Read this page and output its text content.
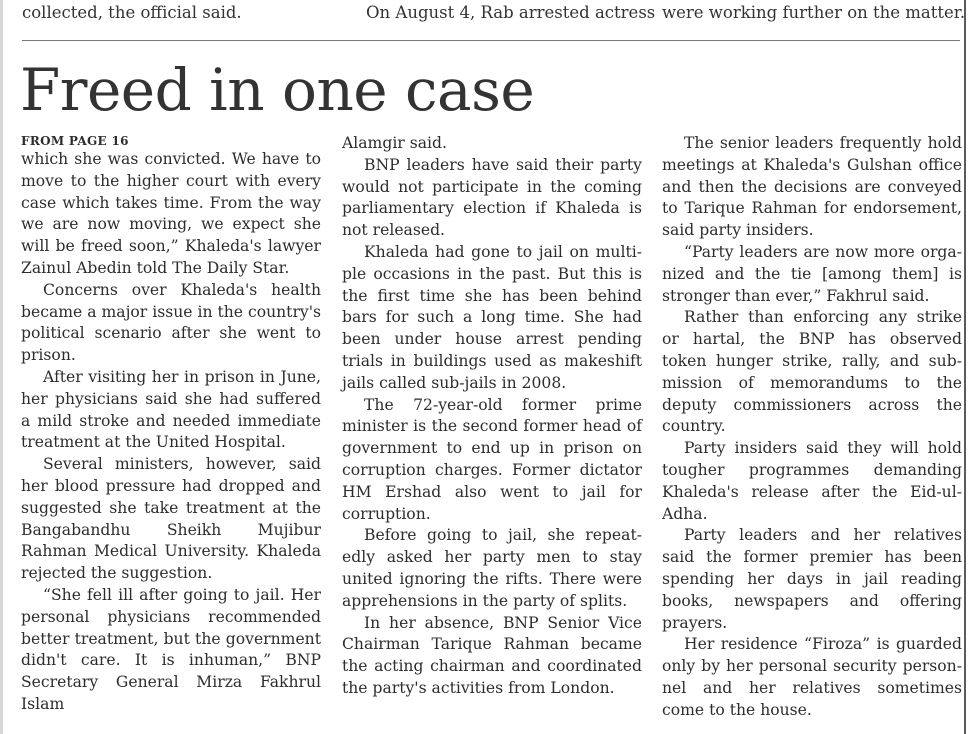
collected, the official said.	On August 4, Rab arrested actress were working further on the matter.
Freed in one case
FROM PAGE 16

which she was convicted. We have to move to the higher court with every case which takes time. From the way we are now moving, we expect she will be freed soon,” Khaleda's lawyer Zainul Abedin told The Daily Star.

Concerns over Khaleda's health became a major issue in the country's political scenario after she went to prison.

After visiting her in prison in June, her physicians said she had suffered a mild stroke and needed immediate treatment at the United Hospital.

Several ministers, however, said her blood pressure had dropped and suggested she take treatment at the Bangabandhu Sheikh Mujibur Rahman Medical University. Khaleda rejected the suggestion.

“She fell ill after going to jail. Her personal physicians recommended better treatment, but the government didn't care. It is inhuman,” BNP Secretary General Mirza Fakhrul Islam

Alamgir said.

BNP leaders have said their party would not participate in the coming parliamentary election if Khaleda is not released.

Khaleda had gone to jail on multiple occasions in the past. But this is the first time she has been behind bars for such a long time. She had been under house arrest pending trials in buildings used as makeshift jails called sub-jails in 2008.

The 72-year-old former prime minister is the second former head of government to end up in prison on corruption charges. Former dictator HM Ershad also went to jail for corruption.

Before going to jail, she repeatedly asked her party men to stay united ignoring the rifts. There were apprehensions in the party of splits.

In her absence, BNP Senior Vice Chairman Tarique Rahman became the acting chairman and coordinated the party's activities from London.

The senior leaders frequently hold meetings at Khaleda's Gulshan office and then the decisions are conveyed to Tarique Rahman for endorsement, said party insiders.

“Party leaders are now more organized and the tie [among them] is stronger than ever,” Fakhrul said.

Rather than enforcing any strike or hartal, the BNP has observed token hunger strike, rally, and submission of memorandums to the deputy commissioners across the country.

Party insiders said they will hold tougher programmes demanding Khaleda's release after the Eid-ul-Adha.

Party leaders and her relatives said the former premier has been spending her days in jail reading books, newspapers and offering prayers.

Her residence “Firoza” is guarded only by her personal security personnel and her relatives sometimes come to the house.
